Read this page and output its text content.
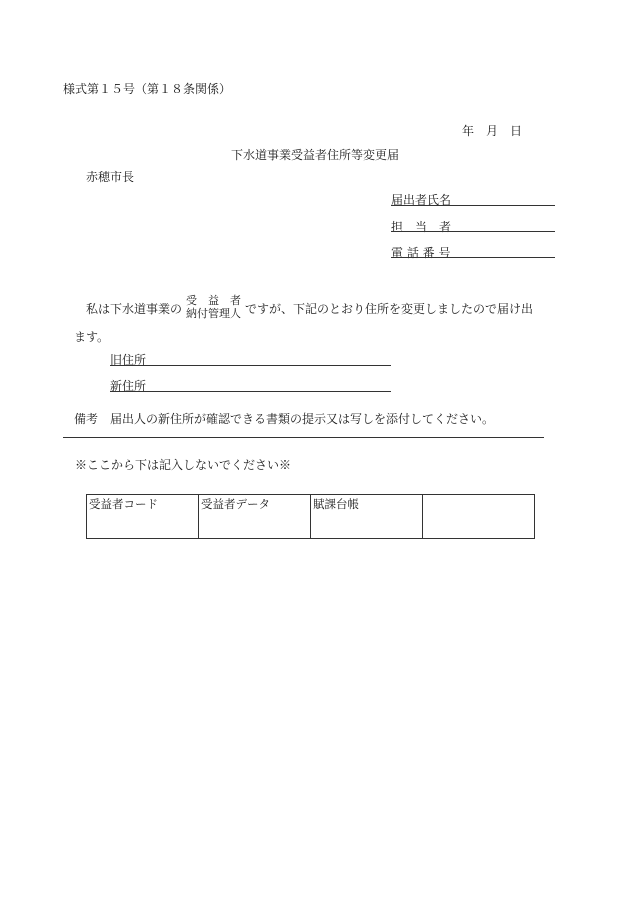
様式第１５号（第１８条関係）
年　月　日
下水道事業受益者住所等変更届
赤穂市長
届出者氏名
担　当　者
電 話 番 号
私は下水道事業の
受　益　者
納付管理人 ですが、下記のとおり住所を変更しましたので届け出
ます。
旧住所
新住所
備考 届出人の新住所が確認できる書類の提示又は写しを添付してください。
※ここから下は記入しないでください※
受益者コード	受益者データ	賦課台帳	
